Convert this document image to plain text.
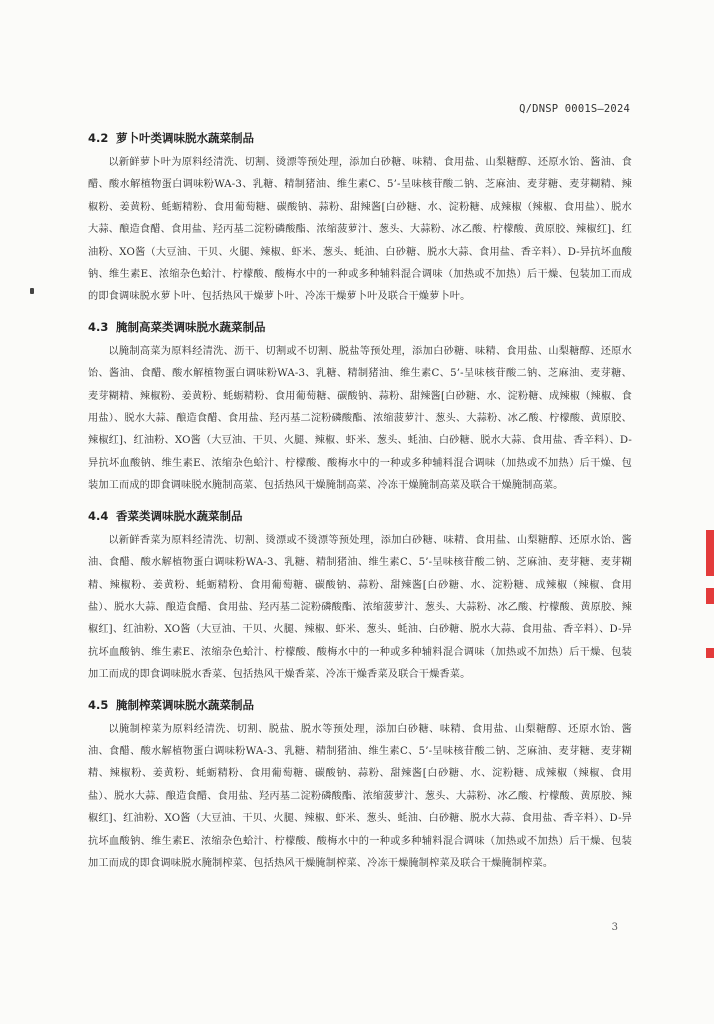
Q/DNSP 0001S—2024
4.2 萝卜叶类调味脱水蔬菜制品

以新鲜萝卜叶为原料经清洗、切割、烫漂等预处理，添加白砂糖、味精、食用盐、山梨糖醇、还原水饴、酱油、食醋、酸水解植物蛋白调味粉WA-3、乳糖、精制猪油、维生素C、5’-呈味核苷酸二钠、芝麻油、麦芽糖、麦芽糊精、辣椒粉、姜黄粉、蚝蛎精粉、食用葡萄糖、碳酸钠、蒜粉、甜辣酱[白砂糖、水、淀粉糖、成辣椒（辣椒、食用盐）、脱水大蒜、酿造食醋、食用盐、羟丙基二淀粉磷酸酯、浓缩菠萝汁、葱头、大蒜粉、冰乙酸、柠檬酸、黄原胶、辣椒红]、红油粉、XO酱（大豆油、干贝、火腿、辣椒、虾米、葱头、蚝油、白砂糖、脱水大蒜、食用盐、香辛料）、D-异抗坏血酸钠、维生素E、浓缩杂色蛤汁、柠檬酸、酸梅水中的一种或多种辅料混合调味（加热或不加热）后干燥、包装加工而成的即食调味脱水萝卜叶、包括热风干燥萝卜叶、冷冻干燥萝卜叶及联合干燥萝卜叶。

4.3 腌制高菜类调味脱水蔬菜制品

以腌制高菜为原料经清洗、沥干、切割或不切割、脱盐等预处理，添加白砂糖、味精、食用盐、山梨糖醇、还原水饴、酱油、食醋、酸水解植物蛋白调味粉WA-3、乳糖、精制猪油、维生素C、5’-呈味核苷酸二钠、芝麻油、麦芽糖、麦芽糊精、辣椒粉、姜黄粉、蚝蛎精粉、食用葡萄糖、碳酸钠、蒜粉、甜辣酱[白砂糖、水、淀粉糖、成辣椒（辣椒、食用盐）、脱水大蒜、酿造食醋、食用盐、羟丙基二淀粉磷酸酯、浓缩菠萝汁、葱头、大蒜粉、冰乙酸、柠檬酸、黄原胶、辣椒红]、红油粉、XO酱（大豆油、干贝、火腿、辣椒、虾米、葱头、蚝油、白砂糖、脱水大蒜、食用盐、香辛料）、D-异抗坏血酸钠、维生素E、浓缩杂色蛤汁、柠檬酸、酸梅水中的一种或多种辅料混合调味（加热或不加热）后干燥、包装加工而成的即食调味脱水腌制高菜、包括热风干燥腌制高菜、冷冻干燥腌制高菜及联合干燥腌制高菜。

4.4 香菜类调味脱水蔬菜制品

以新鲜香菜为原料经清洗、切割、烫漂或不烫漂等预处理，添加白砂糖、味精、食用盐、山梨糖醇、还原水饴、酱油、食醋、酸水解植物蛋白调味粉WA-3、乳糖、精制猪油、维生素C、5’-呈味核苷酸二钠、芝麻油、麦芽糖、麦芽糊精、辣椒粉、姜黄粉、蚝蛎精粉、食用葡萄糖、碳酸钠、蒜粉、甜辣酱[白砂糖、水、淀粉糖、成辣椒（辣椒、食用盐）、脱水大蒜、酿造食醋、食用盐、羟丙基二淀粉磷酸酯、浓缩菠萝汁、葱头、大蒜粉、冰乙酸、柠檬酸、黄原胶、辣椒红]、红油粉、XO酱（大豆油、干贝、火腿、辣椒、虾米、葱头、蚝油、白砂糖、脱水大蒜、食用盐、香辛料）、D-异抗坏血酸钠、维生素E、浓缩杂色蛤汁、柠檬酸、酸梅水中的一种或多种辅料混合调味（加热或不加热）后干燥、包装加工而成的即食调味脱水香菜、包括热风干燥香菜、冷冻干燥香菜及联合干燥香菜。

4.5 腌制榨菜调味脱水蔬菜制品

以腌制榨菜为原料经清洗、切割、脱盐、脱水等预处理，添加白砂糖、味精、食用盐、山梨糖醇、还原水饴、酱油、食醋、酸水解植物蛋白调味粉WA-3、乳糖、精制猪油、维生素C、5’-呈味核苷酸二钠、芝麻油、麦芽糖、麦芽糊精、辣椒粉、姜黄粉、蚝蛎精粉、食用葡萄糖、碳酸钠、蒜粉、甜辣酱[白砂糖、水、淀粉糖、成辣椒（辣椒、食用盐）、脱水大蒜、酿造食醋、食用盐、羟丙基二淀粉磷酸酯、浓缩菠萝汁、葱头、大蒜粉、冰乙酸、柠檬酸、黄原胶、辣椒红]、红油粉、XO酱（大豆油、干贝、火腿、辣椒、虾米、葱头、蚝油、白砂糖、脱水大蒜、食用盐、香辛料）、D-异抗坏血酸钠、维生素E、浓缩杂色蛤汁、柠檬酸、酸梅水中的一种或多种辅料混合调味（加热或不加热）后干燥、包装加工而成的即食调味脱水腌制榨菜、包括热风干燥腌制榨菜、冷冻干燥腌制榨菜及联合干燥腌制榨菜。

3
